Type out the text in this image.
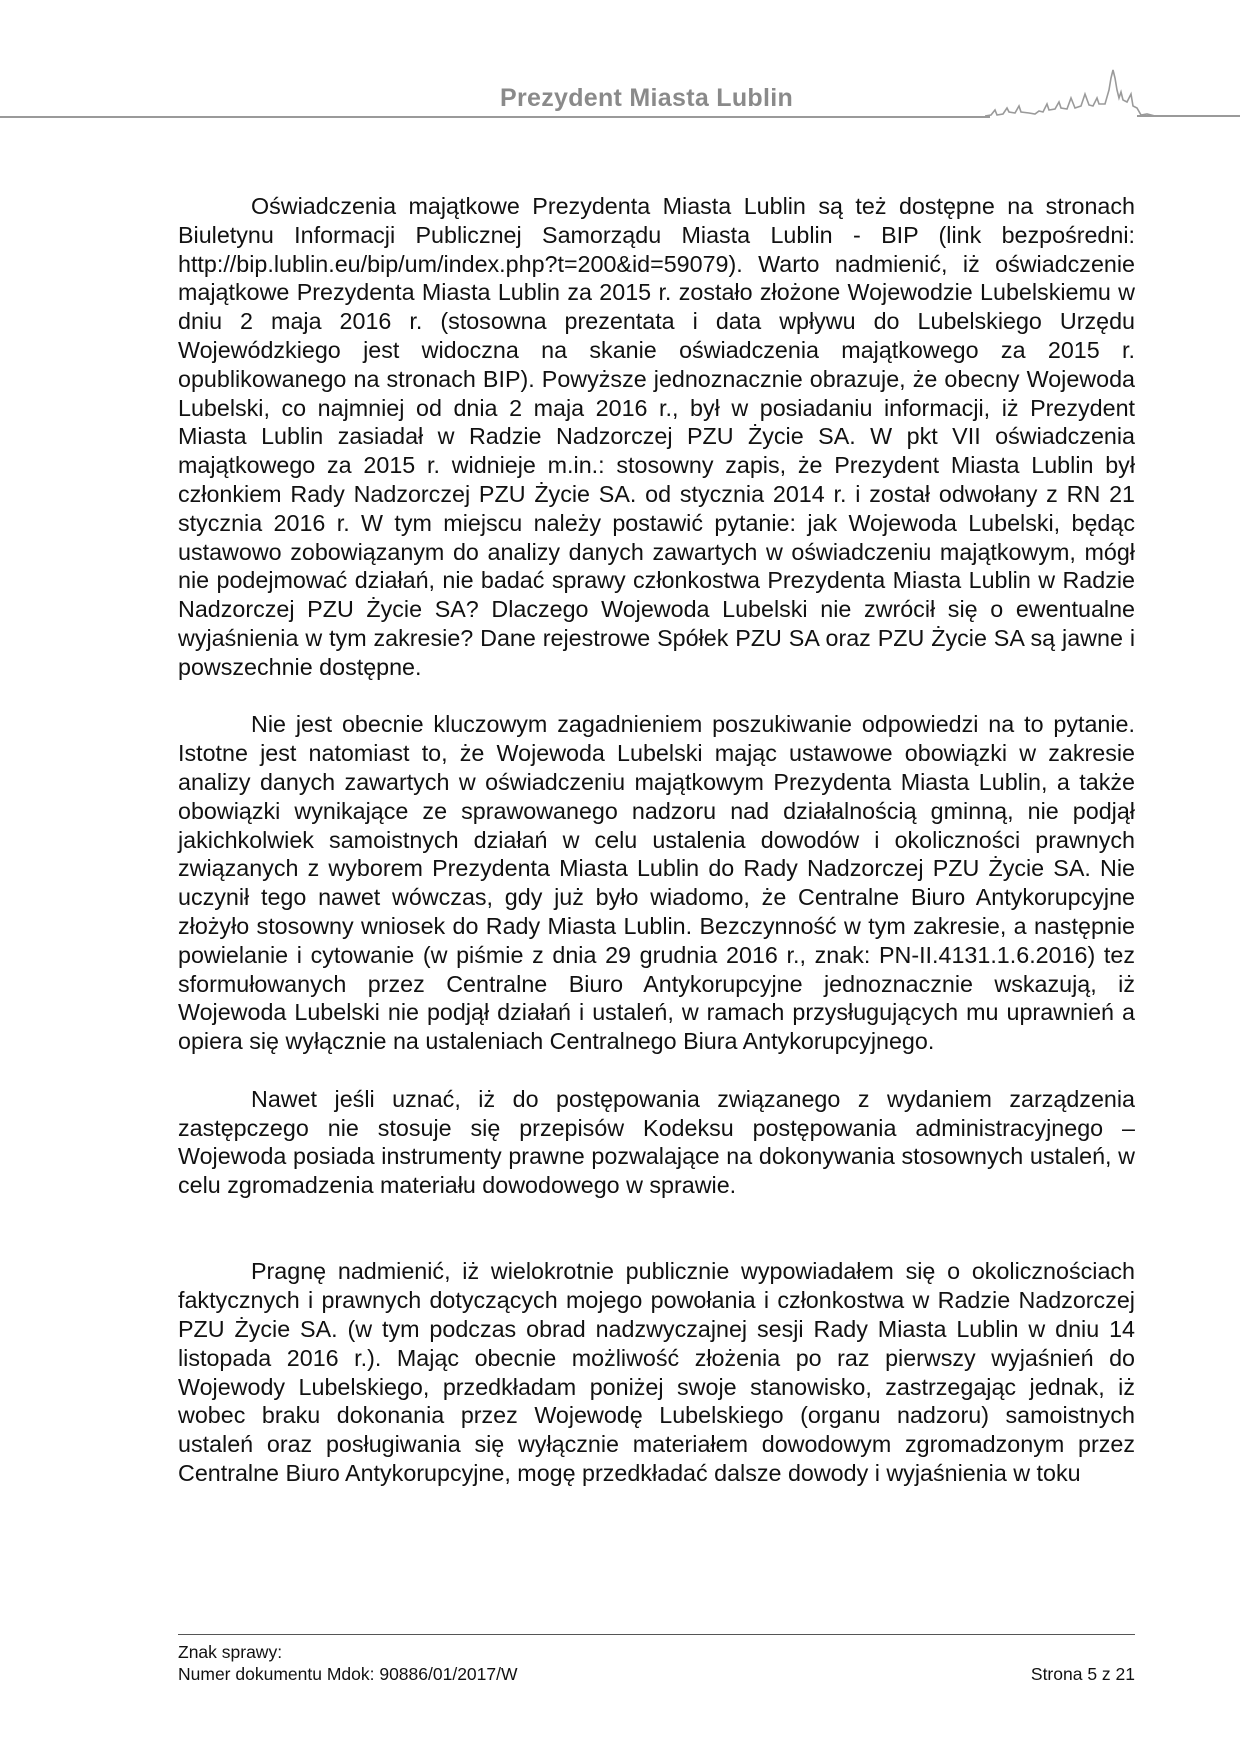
Prezydent Miasta Lublin

Oświadczenia majątkowe Prezydenta Miasta Lublin są też dostępne na stronach Biuletynu Informacji Publicznej Samorządu Miasta Lublin - BIP (link bezpośredni: http://bip.lublin.eu/bip/um/index.php?t=200&id=59079). Warto nadmienić, iż oświadczenie majątkowe Prezydenta Miasta Lublin za 2015 r. zostało złożone Wojewodzie Lubelskiemu w dniu 2 maja 2016 r. (stosowna prezentata i data wpływu do Lubelskiego Urzędu Wojewódzkiego jest widoczna na skanie oświadczenia majątkowego za 2015 r. opublikowanego na stronach BIP). Powyższe jednoznacznie obrazuje, że obecny Wojewoda Lubelski, co najmniej od dnia 2 maja 2016 r., był w posiadaniu informacji, iż Prezydent Miasta Lublin zasiadał w Radzie Nadzorczej PZU Życie SA. W pkt VII oświadczenia majątkowego za 2015 r. widnieje m.in.: stosowny zapis, że Prezydent Miasta Lublin był członkiem Rady Nadzorczej PZU Życie SA. od stycznia 2014 r. i został odwołany z RN 21 stycznia 2016 r. W tym miejscu należy postawić pytanie: jak Wojewoda Lubelski, będąc ustawowo zobowiązanym do analizy danych zawartych w oświadczeniu majątkowym, mógł nie podejmować działań, nie badać sprawy członkostwa Prezydenta Miasta Lublin w Radzie Nadzorczej PZU Życie SA? Dlaczego Wojewoda Lubelski nie zwrócił się o ewentualne wyjaśnienia w tym zakresie? Dane rejestrowe Spółek PZU SA oraz PZU Życie SA są jawne i powszechnie dostępne.

Nie jest obecnie kluczowym zagadnieniem poszukiwanie odpowiedzi na to pytanie. Istotne jest natomiast to, że Wojewoda Lubelski mając ustawowe obowiązki w zakresie analizy danych zawartych w oświadczeniu majątkowym Prezydenta Miasta Lublin, a także obowiązki wynikające ze sprawowanego nadzoru nad działalnością gminną, nie podjął jakichkolwiek samoistnych działań w celu ustalenia dowodów i okoliczności prawnych związanych z wyborem Prezydenta Miasta Lublin do Rady Nadzorczej PZU Życie SA. Nie uczynił tego nawet wówczas, gdy już było wiadomo, że Centralne Biuro Antykorupcyjne złożyło stosowny wniosek do Rady Miasta Lublin. Bezczynność w tym zakresie, a następnie powielanie i cytowanie (w piśmie z dnia 29 grudnia 2016 r., znak: PN-II.4131.1.6.2016) tez sformułowanych przez Centralne Biuro Antykorupcyjne jednoznacznie wskazują, iż Wojewoda Lubelski nie podjął działań i ustaleń, w ramach przysługujących mu uprawnień a opiera się wyłącznie na ustaleniach Centralnego Biura Antykorupcyjnego.

Nawet jeśli uznać, iż do postępowania związanego z wydaniem zarządzenia zastępczego nie stosuje się przepisów Kodeksu postępowania administracyjnego – Wojewoda posiada instrumenty prawne pozwalające na dokonywania stosownych ustaleń, w celu zgromadzenia materiału dowodowego w sprawie.

Pragnę nadmienić, iż wielokrotnie publicznie wypowiadałem się o okolicznościach faktycznych i prawnych dotyczących mojego powołania i członkostwa w Radzie Nadzorczej PZU Życie SA. (w tym podczas obrad nadzwyczajnej sesji Rady Miasta Lublin w dniu 14 listopada 2016 r.). Mając obecnie możliwość złożenia po raz pierwszy wyjaśnień do Wojewody Lubelskiego, przedkładam poniżej swoje stanowisko, zastrzegając jednak, iż wobec braku dokonania przez Wojewodę Lubelskiego (organu nadzoru) samoistnych ustaleń oraz posługiwania się wyłącznie materiałem dowodowym zgromadzonym przez Centralne Biuro Antykorupcyjne, mogę przedkładać dalsze dowody i wyjaśnienia w toku

Znak sprawy:
Numer dokumentu Mdok: 90886/01/2017/W	Strona 5 z 21
